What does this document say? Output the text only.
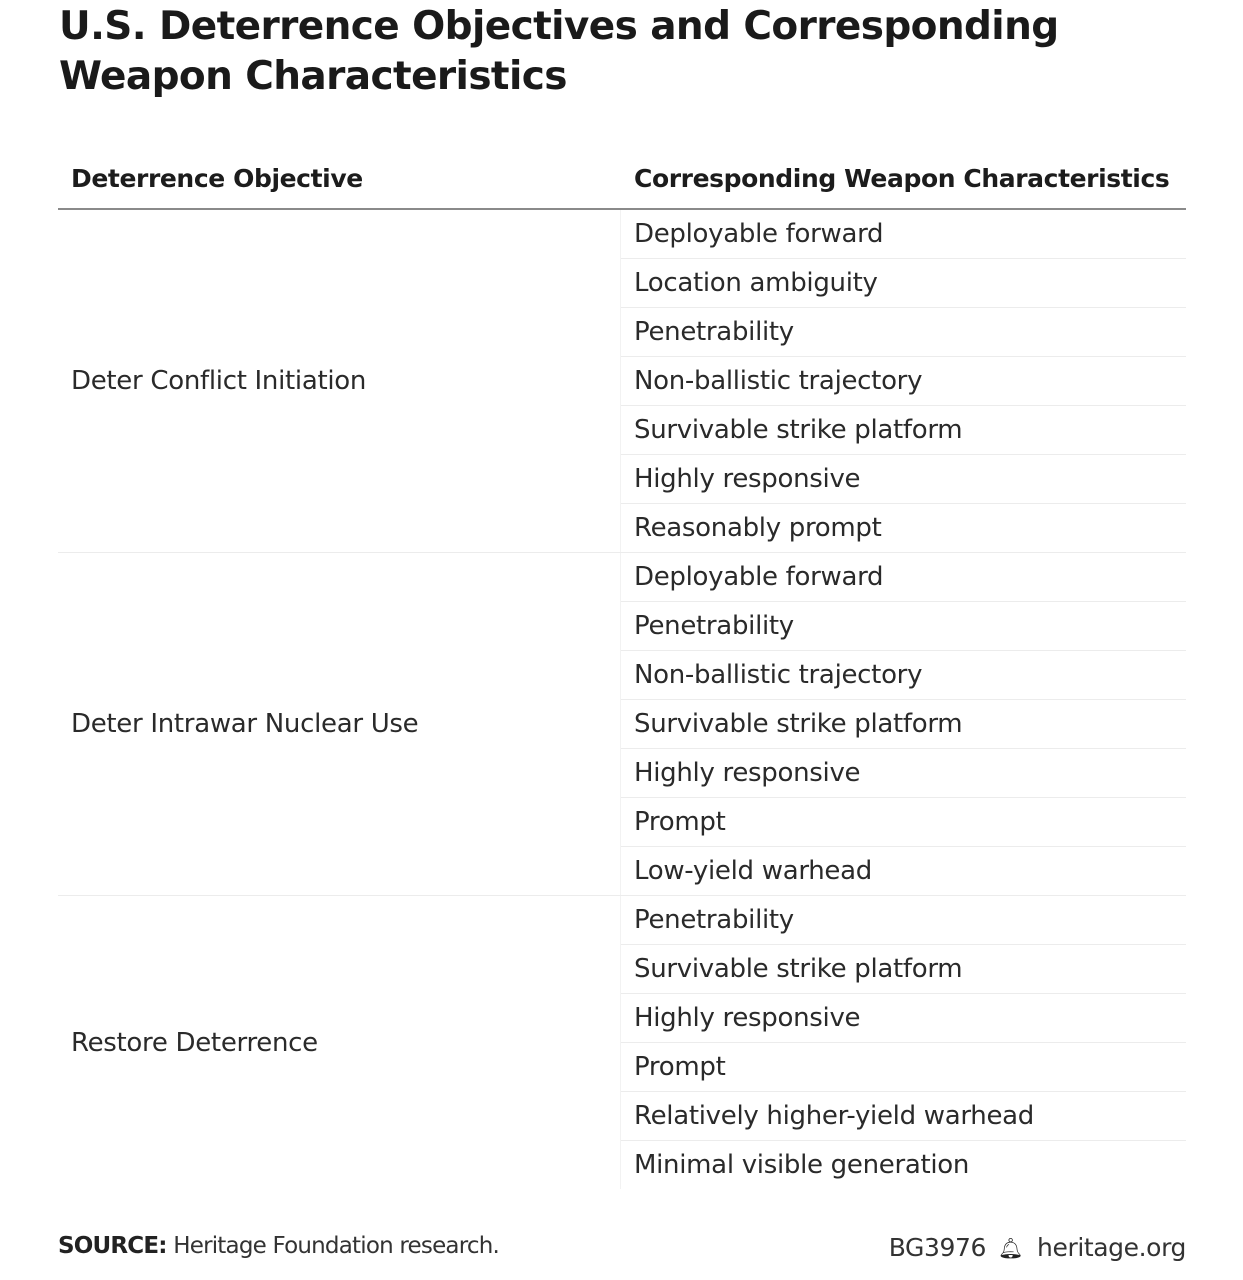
U.S. Deterrence Objectives and Corresponding
Weapon Characteristics
Deterrence Objective	Corresponding Weapon Characteristics
Deter Conflict Initiation
Deployable forward
Location ambiguity
Penetrability
Non-ballistic trajectory
Survivable strike platform
Highly responsive
Reasonably prompt
Deter Intrawar Nuclear Use
Deployable forward
Penetrability
Non-ballistic trajectory
Survivable strike platform
Highly responsive
Prompt
Low-yield warhead
Restore Deterrence
Penetrability
Survivable strike platform
Highly responsive
Prompt
Relatively higher-yield warhead
Minimal visible generation
SOURCE: Heritage Foundation research.	BG3976 🔔︎ heritage.org
